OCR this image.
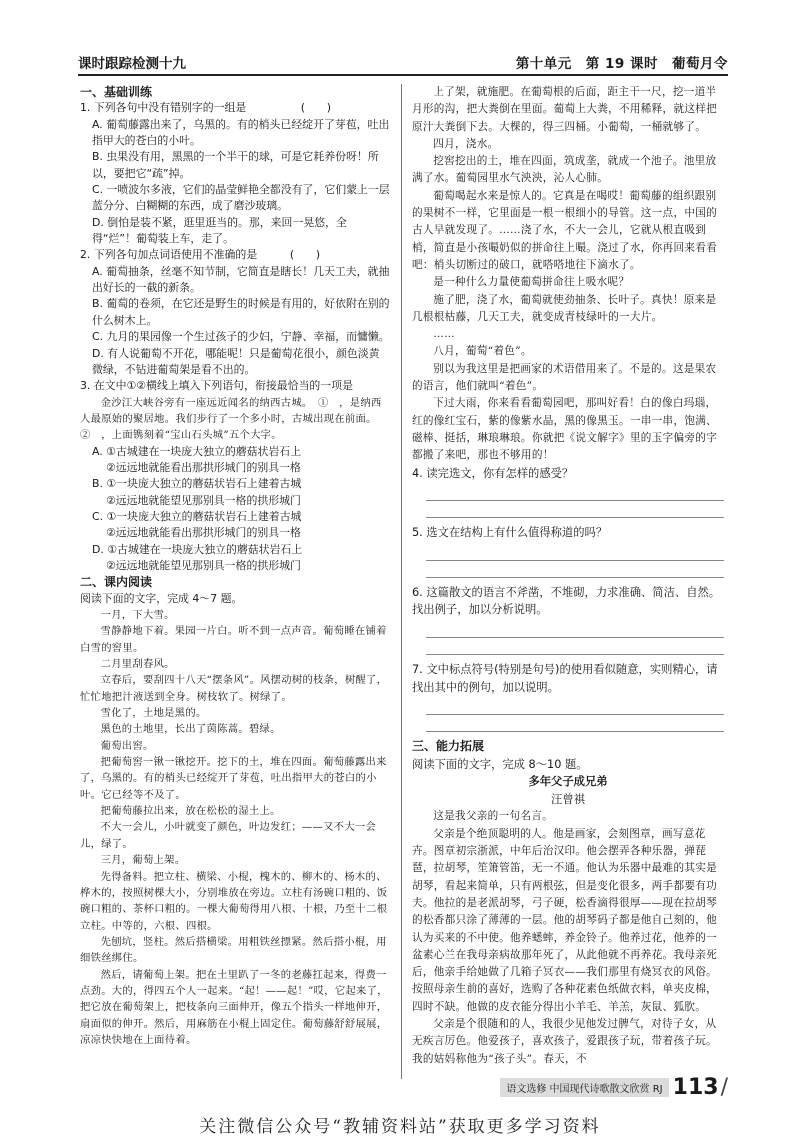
课时跟踪检测十九	第十单元　第 19 课时　葡萄月令

一、基础训练

1. 下列各句中没有错别字的一组是　　　　　(　　)
A. 葡萄藤露出来了，乌黑的。有的梢头已经绽开了芽苞，吐出指甲大的苍白的小叶。
B. 虫果没有用，黑黑的一个半干的球，可是它耗养份呀！所以，要把它“疏”掉。
C. 一喷波尔多液，它们的晶莹鲜艳全都没有了，它们蒙上一层蓝分分、白糊糊的东西，成了磨沙玻璃。
D. 倒怕是装不紧，逛里逛当的。那，来回一晃悠，全得“烂”！葡萄装上车，走了。
2. 下列各句加点词语使用不准确的是　　　(　　)
A. 葡萄抽条，丝毫不知节制，它简直是瞎长！几天工夫，就抽出好长的一截的新条。
B. 葡萄的卷须，在它还是野生的时候是有用的，好依附在别的什么树木上。
C. 九月的果园像一个生过孩子的少妇，宁静、幸福，而慵懒。
D. 有人说葡萄不开花，哪能呢！只是葡萄花很小，颜色淡黄微绿，不钻进葡萄架是看不出的。
3. 在文中①②横线上填入下列语句，衔接最恰当的一项是

金沙江大峡谷旁有一座远近闻名的纳西古城。　①　，是纳西人最原始的聚居地。我们步行了一个多小时，古城出现在前面。　②　，上面镌刻着“宝山石头城”五个大字。

A. ①古城建在一块庞大独立的蘑菇状岩石上
②远远地就能看出那拱形城门的别具一格
B. ①一块庞大独立的蘑菇状岩石上建着古城
②远远地就能望见那别具一格的拱形城门
C. ①一块庞大独立的蘑菇状岩石上建着古城
②远远地就能看出那拱形城门的别具一格
D. ①古城建在一块庞大独立的蘑菇状岩石上
②远远地就能望见那别具一格的拱形城门

二、课内阅读

阅读下面的文字，完成 4～7 题。

一月，下大雪。

雪静静地下着。果园一片白。听不到一点声音。葡萄睡在铺着白雪的窖里。

二月里刮春风。

立春后，要刮四十八天“摆条风”。风摆动树的枝条，树醒了，忙忙地把汁液送到全身。树枝软了。树绿了。

雪化了，土地是黑的。

黑色的土地里，长出了茵陈蒿。碧绿。

葡萄出窖。

把葡萄窖一锹一锹挖开。挖下的土，堆在四面。葡萄藤露出来了，乌黑的。有的梢头已经绽开了芽苞，吐出指甲大的苍白的小叶。它已经等不及了。

把葡萄藤拉出来，放在松松的湿土上。

不大一会儿，小叶就变了颜色，叶边发红；——又不大一会儿，绿了。

三月，葡萄上架。

先得备料。把立柱、横梁、小棍，槐木的、柳木的、杨木的、桦木的，按照树棵大小，分别堆放在旁边。立柱有汤碗口粗的、饭碗口粗的、茶杯口粗的。一棵大葡萄得用八根、十根，乃至十二根立柱。中等的，六根、四根。

先刨坑，竖柱。然后搭横梁。用粗铁丝摽紧。然后搭小棍，用细铁丝绑住。

然后，请葡萄上架。把在土里趴了一冬的老藤扛起来，得费一点劲。大的，得四五个人一起来。“起！——起！”哎，它起来了，把它放在葡萄架上，把枝条向三面伸开，像五个指头一样地伸开，扇面似的伸开。然后，用麻筋在小棍上固定住。葡萄藤舒舒展展，凉凉快快地在上面待着。

上了架，就施肥。在葡萄根的后面，距主干一尺，挖一道半月形的沟，把大粪倒在里面。葡萄上大粪，不用稀释，就这样把原汁大粪倒下去。大棵的，得三四桶。小葡萄，一桶就够了。

四月，浇水。

挖窖挖出的土，堆在四面，筑成垄，就成一个池子。池里放满了水。葡萄园里水气泱泱，沁人心肺。

葡萄喝起水来是惊人的。它真是在喝哎！葡萄藤的组织跟别的果树不一样，它里面是一根一根细小的导管。这一点，中国的古人早就发现了。……浇了水，不大一会儿，它就从根直吸到梢，简直是小孩嘬奶似的拼命往上嘬。浇过了水，你再回来看看吧：梢头切断过的破口，就嗒嗒地往下滴水了。

是一种什么力量使葡萄拼命往上吸水呢？

施了肥，浇了水，葡萄就使劲抽条、长叶子。真快！原来是几根根枯藤，几天工夫，就变成青枝绿叶的一大片。

……

八月，葡萄“着色”。

别以为我这里是把画家的术语借用来了。不是的。这是果农的语言，他们就叫“着色”。

下过大雨，你来看看葡萄园吧，那叫好看！白的像白玛瑙，红的像红宝石，紫的像紫水晶，黑的像黑玉。一串一串，饱满、磁棒、挺括，琳琅琳琅。你就把《说文解字》里的玉字偏旁的字都搬了来吧，那也不够用的！

4. 读完选文，你有怎样的感受？
5. 选文在结构上有什么值得称道的吗？
6. 这篇散文的语言不斧凿，不堆砌，力求准确、简洁、自然。找出例子，加以分析说明。
7. 文中标点符号(特别是句号)的使用看似随意，实则精心，请找出其中的例句，加以说明。

三、能力拓展

阅读下面的文字，完成 8～10 题。

多年父子成兄弟

汪曾祺

这是我父亲的一句名言。

父亲是个绝顶聪明的人。他是画家，会刻图章，画写意花卉。图章初宗浙派，中年后治汉印。他会摆弄各种乐器，弹琵琶，拉胡琴，笙箫管笛，无一不通。他认为乐器中最难的其实是胡琴，看起来简单，只有两根弦，但是变化很多，两手都要有功夫。他拉的是老派胡琴，弓子硬，松香滴得很厚——现在拉胡琴的松香都只涂了薄薄的一层。他的胡琴码子都是他自己刻的，他认为买来的不中使。他养蟋蟀，养金铃子。他养过花，他养的一盆素心兰在我母亲病故那年死了，从此他就不再养花。我母亲死后，他亲手给她做了几箱子冥衣——我们那里有烧冥衣的风俗。按照母亲生前的喜好，选购了各种花素色纸做衣料，单夹皮棉，四时不缺。他做的皮衣能分得出小羊毛、羊羔，灰鼠、狐肷。

父亲是个很随和的人，我很少见他发过脾气，对待子女，从无疾言厉色。他爱孩子，喜欢孩子，爱跟孩子玩，带着孩子玩。我的姑妈称他为“孩子头”。春天，不

语文选修 中国现代诗歌散文欣赏 RJ 113 /
关注微信公众号“教辅资料站”获取更多学习资料
